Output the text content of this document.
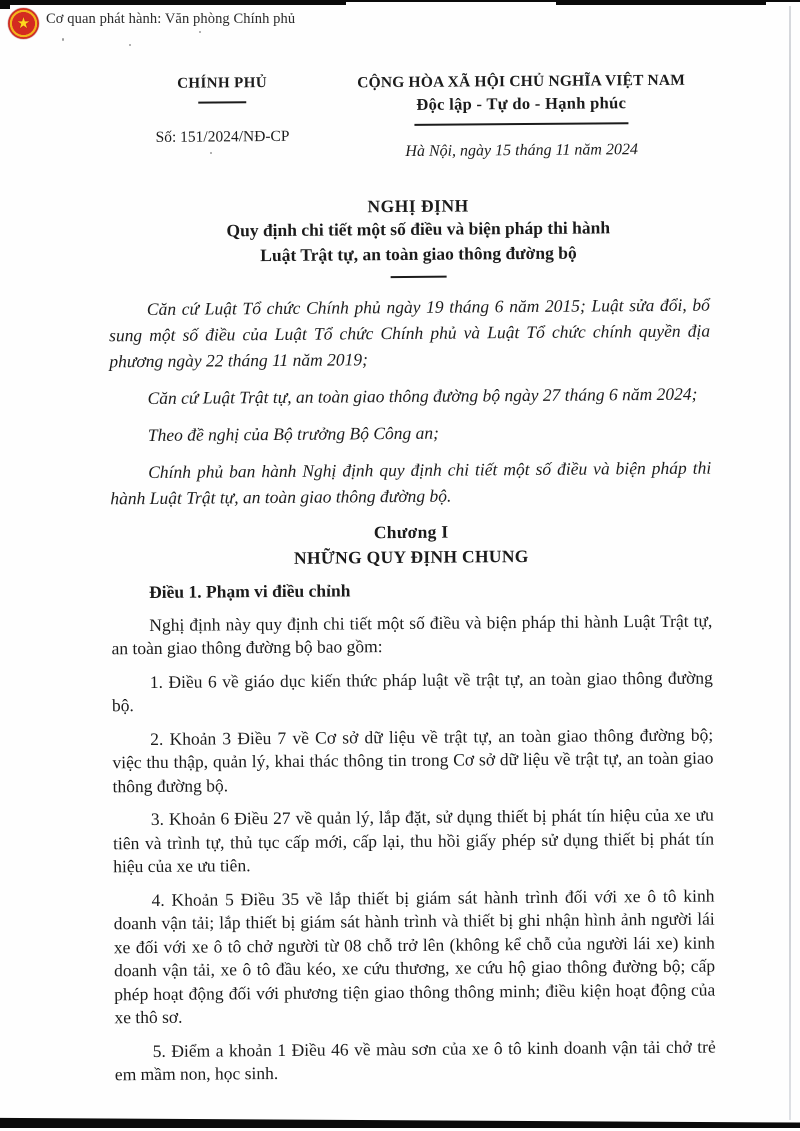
★ Cơ quan phát hành: Văn phòng Chính phủ
CHÍNH PHỦ
Số: 151/2024/NĐ-CP
CỘNG HÒA XÃ HỘI CHỦ NGHĨA VIỆT NAM
Độc lập - Tự do - Hạnh phúc
Hà Nội, ngày 15 tháng 11 năm 2024
NGHỊ ĐỊNH
Quy định chi tiết một số điều và biện pháp thi hành
Luật Trật tự, an toàn giao thông đường bộ

Căn cứ Luật Tổ chức Chính phủ ngày 19 tháng 6 năm 2015; Luật sửa đổi, bổ sung một số điều của Luật Tổ chức Chính phủ và Luật Tổ chức chính quyền địa phương ngày 22 tháng 11 năm 2019;

Căn cứ Luật Trật tự, an toàn giao thông đường bộ ngày 27 tháng 6 năm 2024;

Theo đề nghị của Bộ trưởng Bộ Công an;

Chính phủ ban hành Nghị định quy định chi tiết một số điều và biện pháp thi hành Luật Trật tự, an toàn giao thông đường bộ.

Chương I
NHỮNG QUY ĐỊNH CHUNG

Điều 1. Phạm vi điều chỉnh

Nghị định này quy định chi tiết một số điều và biện pháp thi hành Luật Trật tự, an toàn giao thông đường bộ bao gồm:

1. Điều 6 về giáo dục kiến thức pháp luật về trật tự, an toàn giao thông đường bộ.

2. Khoản 3 Điều 7 về Cơ sở dữ liệu về trật tự, an toàn giao thông đường bộ; việc thu thập, quản lý, khai thác thông tin trong Cơ sở dữ liệu về trật tự, an toàn giao thông đường bộ.

3. Khoản 6 Điều 27 về quản lý, lắp đặt, sử dụng thiết bị phát tín hiệu của xe ưu tiên và trình tự, thủ tục cấp mới, cấp lại, thu hồi giấy phép sử dụng thiết bị phát tín hiệu của xe ưu tiên.

4. Khoản 5 Điều 35 về lắp thiết bị giám sát hành trình đối với xe ô tô kinh doanh vận tải; lắp thiết bị giám sát hành trình và thiết bị ghi nhận hình ảnh người lái xe đối với xe ô tô chở người từ 08 chỗ trở lên (không kể chỗ của người lái xe) kinh doanh vận tải, xe ô tô đầu kéo, xe cứu thương, xe cứu hộ giao thông đường bộ; cấp phép hoạt động đối với phương tiện giao thông thông minh; điều kiện hoạt động của xe thô sơ.

5. Điểm a khoản 1 Điều 46 về màu sơn của xe ô tô kinh doanh vận tải chở trẻ em mầm non, học sinh.
